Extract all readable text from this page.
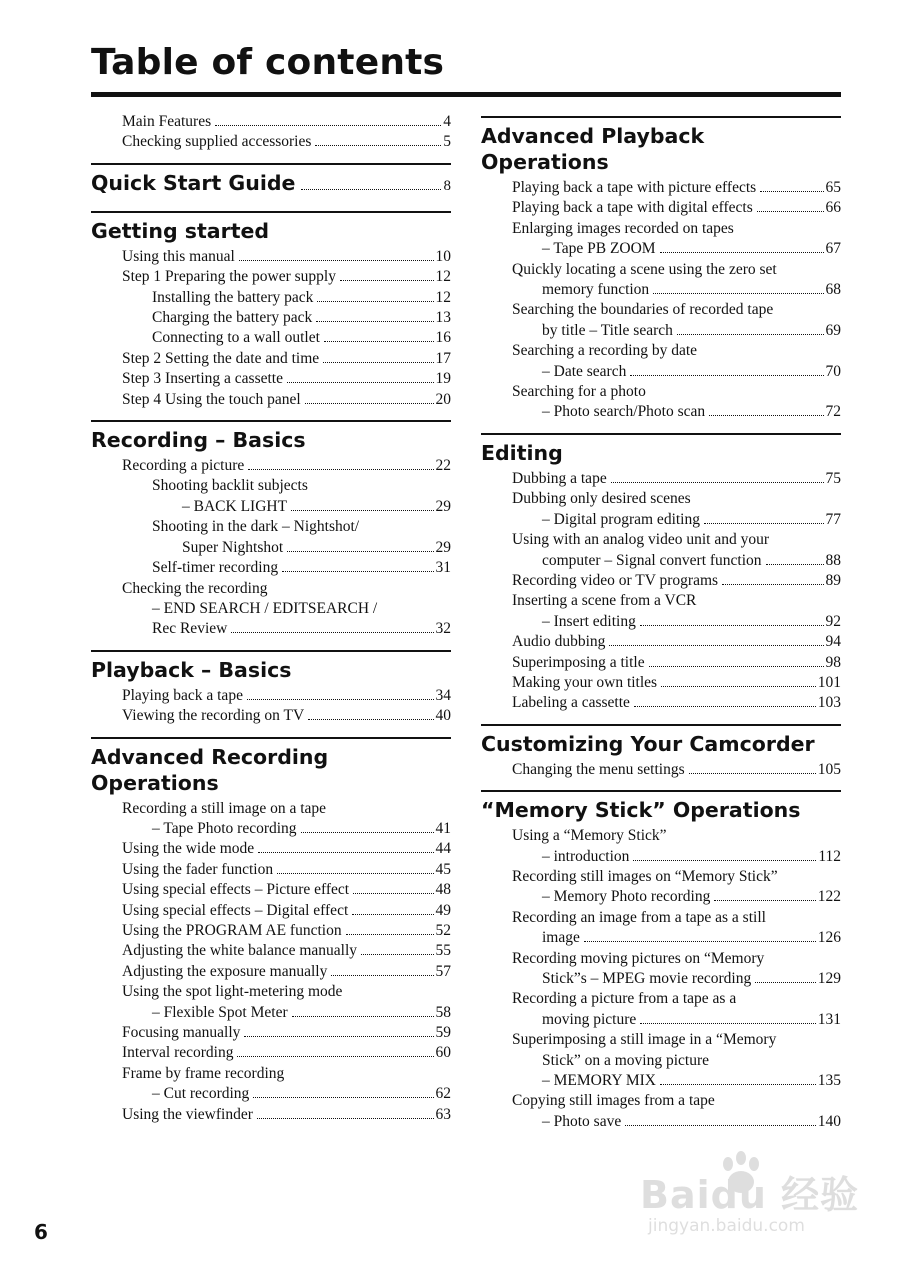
Table of contents
Main Features	4
Checking supplied accessories	5
Quick Start Guide	8
Getting started
Using this manual	10
Step 1 Preparing the power supply	12
Installing the battery pack	12
Charging the battery pack	13
Connecting to a wall outlet	16
Step 2 Setting the date and time	17
Step 3 Inserting a cassette	19
Step 4 Using the touch panel	20
Recording – Basics
Recording a picture	22
Shooting backlit subjects
– BACK LIGHT	29
Shooting in the dark – Nightshot/
Super Nightshot	29
Self-timer recording	31
Checking the recording
– END SEARCH / EDITSEARCH /
Rec Review	32
Playback – Basics
Playing back a tape	34
Viewing the recording on TV	40
Advanced Recording
Operations
Recording a still image on a tape
– Tape Photo recording	41
Using the wide mode	44
Using the fader function	45
Using special effects – Picture effect	48
Using special effects – Digital effect	49
Using the PROGRAM AE function	52
Adjusting the white balance manually	55
Adjusting the exposure manually	57
Using the spot light-metering mode
– Flexible Spot Meter	58
Focusing manually	59
Interval recording	60
Frame by frame recording
– Cut recording	62
Using the viewfinder	63
Advanced Playback
Operations
Playing back a tape with picture effects	65
Playing back a tape with digital effects	66
Enlarging images recorded on tapes
– Tape PB ZOOM	67
Quickly locating a scene using the zero set
memory function	68
Searching the boundaries of recorded tape
by title – Title search	69
Searching a recording by date
– Date search	70
Searching for a photo
– Photo search/Photo scan	72
Editing
Dubbing a tape	75
Dubbing only desired scenes
– Digital program editing	77
Using with an analog video unit and your
computer – Signal convert function	88
Recording video or TV programs	89
Inserting a scene from a VCR
– Insert editing	92
Audio dubbing	94
Superimposing a title	98
Making your own titles	101
Labeling a cassette	103
Customizing Your Camcorder
Changing the menu settings	105
“Memory Stick” Operations
Using a “Memory Stick”
– introduction	112
Recording still images on “Memory Stick”
– Memory Photo recording	122
Recording an image from a tape as a still
image	126
Recording moving pictures on “Memory
Stick”s – MPEG movie recording	129
Recording a picture from a tape as a
moving picture	131
Superimposing a still image in a “Memory
Stick” on a moving picture
– MEMORY MIX	135
Copying still images from a tape
– Photo save	140
6
Baidu 经验
jingyan.baidu.com
